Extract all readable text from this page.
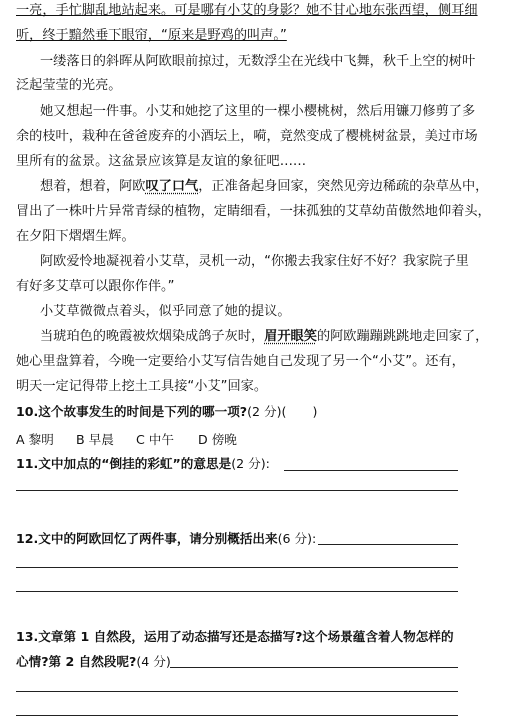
一亮，手忙脚乱地站起来。可是哪有小艾的身影？她不甘心地东张西望，侧耳细
听，终于黯然垂下眼帘，“原来是野鸡的叫声。”
一缕落日的斜晖从阿欧眼前掠过，无数浮尘在光线中飞舞，秋千上空的树叶
泛起莹莹的光亮。
她又想起一件事。小艾和她挖了这里的一棵小樱桃树，然后用镰刀修剪了多
余的枝叶，栽种在爸爸废弃的小酒坛上，嗬，竟然变成了樱桃树盆景，美过市场
里所有的盆景。这盆景应该算是友谊的象征吧……
想着，想着，阿欧叹了口气，正准备起身回家，突然见旁边稀疏的杂草丛中，
冒出了一株叶片异常青绿的植物，定睛细看，一抹孤独的艾草幼苗傲然地仰着头，
在夕阳下熠熠生辉。
阿欧爱怜地凝视着小艾草，灵机一动，“你搬去我家住好不好？我家院子里
有好多艾草可以跟你作伴。”
小艾草微微点着头，似乎同意了她的提议。
当琥珀色的晚霞被炊烟染成鸽子灰时，眉开眼笑的阿欧蹦蹦跳跳地走回家了，
她心里盘算着，今晚一定要给小艾写信告她自己发现了另一个“小艾”。还有，
明天一定记得带上挖土工具接“小艾”回家。
10.这个故事发生的时间是下列的哪一项?(2 分)( )
A 黎明 B 早晨 C 中午 D 傍晚
11.文中加点的“倒挂的彩虹”的意思是(2 分):
12.文中的阿欧回忆了两件事，请分别概括出来(6 分):
13.文章第 1 自然段，运用了动态描写还是态描写?这个场景蕴含着人物怎样的
心情?第 2 自然段呢?(4 分)
